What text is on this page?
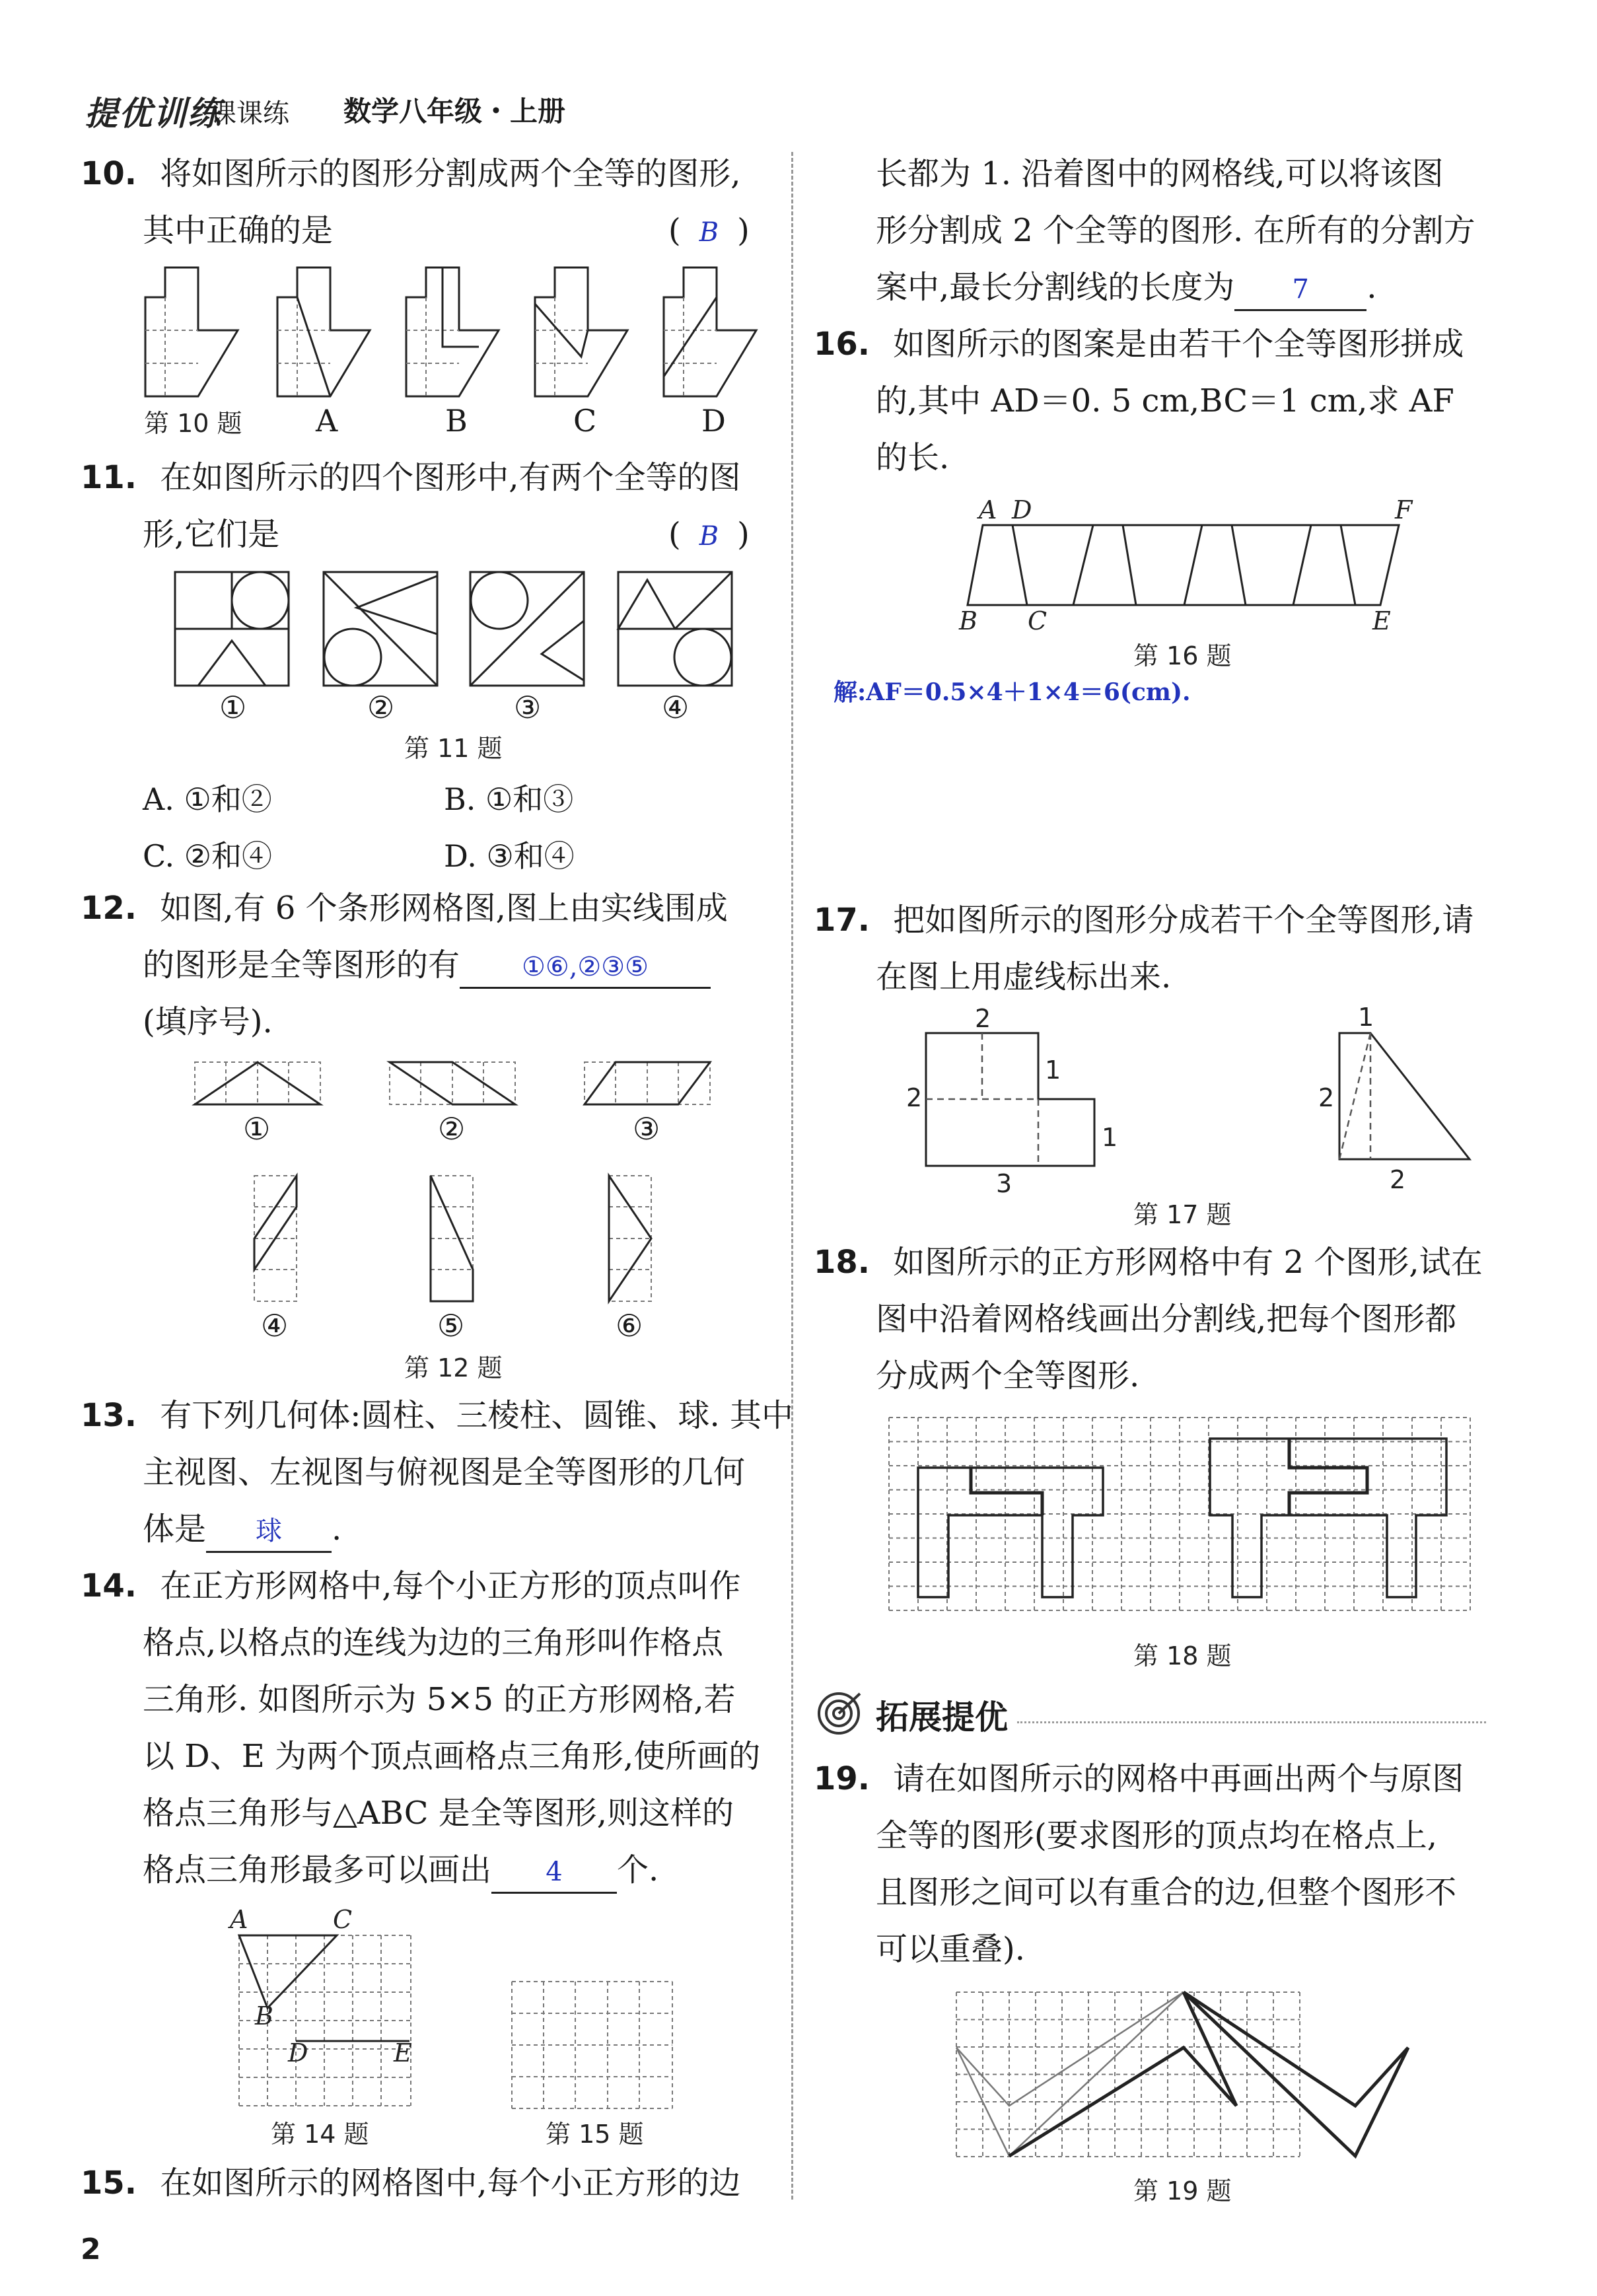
提优训练
课课练 数学八年级・上册
10. 将如图所示的图形分割成两个全等的图形,
其中正确的是	( B )
第 10 题 A	B	C	D
11. 在如图所示的四个图形中,有两个全等的图
形,它们是	( B )
①	②	③	④
第 11 题
A. ①和②	B. ①和③
C. ②和④	D. ③和④
12. 如图,有 6 个条形网格图,图上由实线围成
的图形是全等图形的有 ①⑥,②③⑤
(填序号).
①	②	③
④	⑤	⑥
第 12 题
13. 有下列几何体:圆柱、三棱柱、圆锥、球. 其中
主视图、左视图与俯视图是全等图形的几何
体是 球 .
14. 在正方形网格中,每个小正方形的顶点叫作
格点,以格点的连线为边的三角形叫作格点
三角形. 如图所示为 5×5 的正方形网格,若
以 D、E 为两个顶点画格点三角形,使所画的
格点三角形与△ABC 是全等图形,则这样的
格点三角形最多可以画出 4 个.
A	C
B
D	E
第 14 题	第 15 题
15. 在如图所示的网格图中,每个小正方形的边
2
长都为 1. 沿着图中的网格线,可以将该图
形分割成 2 个全等的图形. 在所有的分割方
案中,最长分割线的长度为 7 .
16. 如图所示的图案是由若干个全等图形拼成
的,其中 AD＝0. 5 cm,BC＝1 cm,求 AF
的长.
A D	F
B C	E
第 16 题
解:AF＝0.5×4＋1×4＝6(cm).
17. 把如图所示的图形分成若干个全等图形,请
在图上用虚线标出来.
2
2
1
1
3
1
2
2
第 17 题
18. 如图所示的正方形网格中有 2 个图形,试在
图中沿着网格线画出分割线,把每个图形都
分成两个全等图形.
第 18 题
拓展提优
19. 请在如图所示的网格中再画出两个与原图
全等的图形(要求图形的顶点均在格点上,
且图形之间可以有重合的边,但整个图形不
可以重叠).
第 19 题
